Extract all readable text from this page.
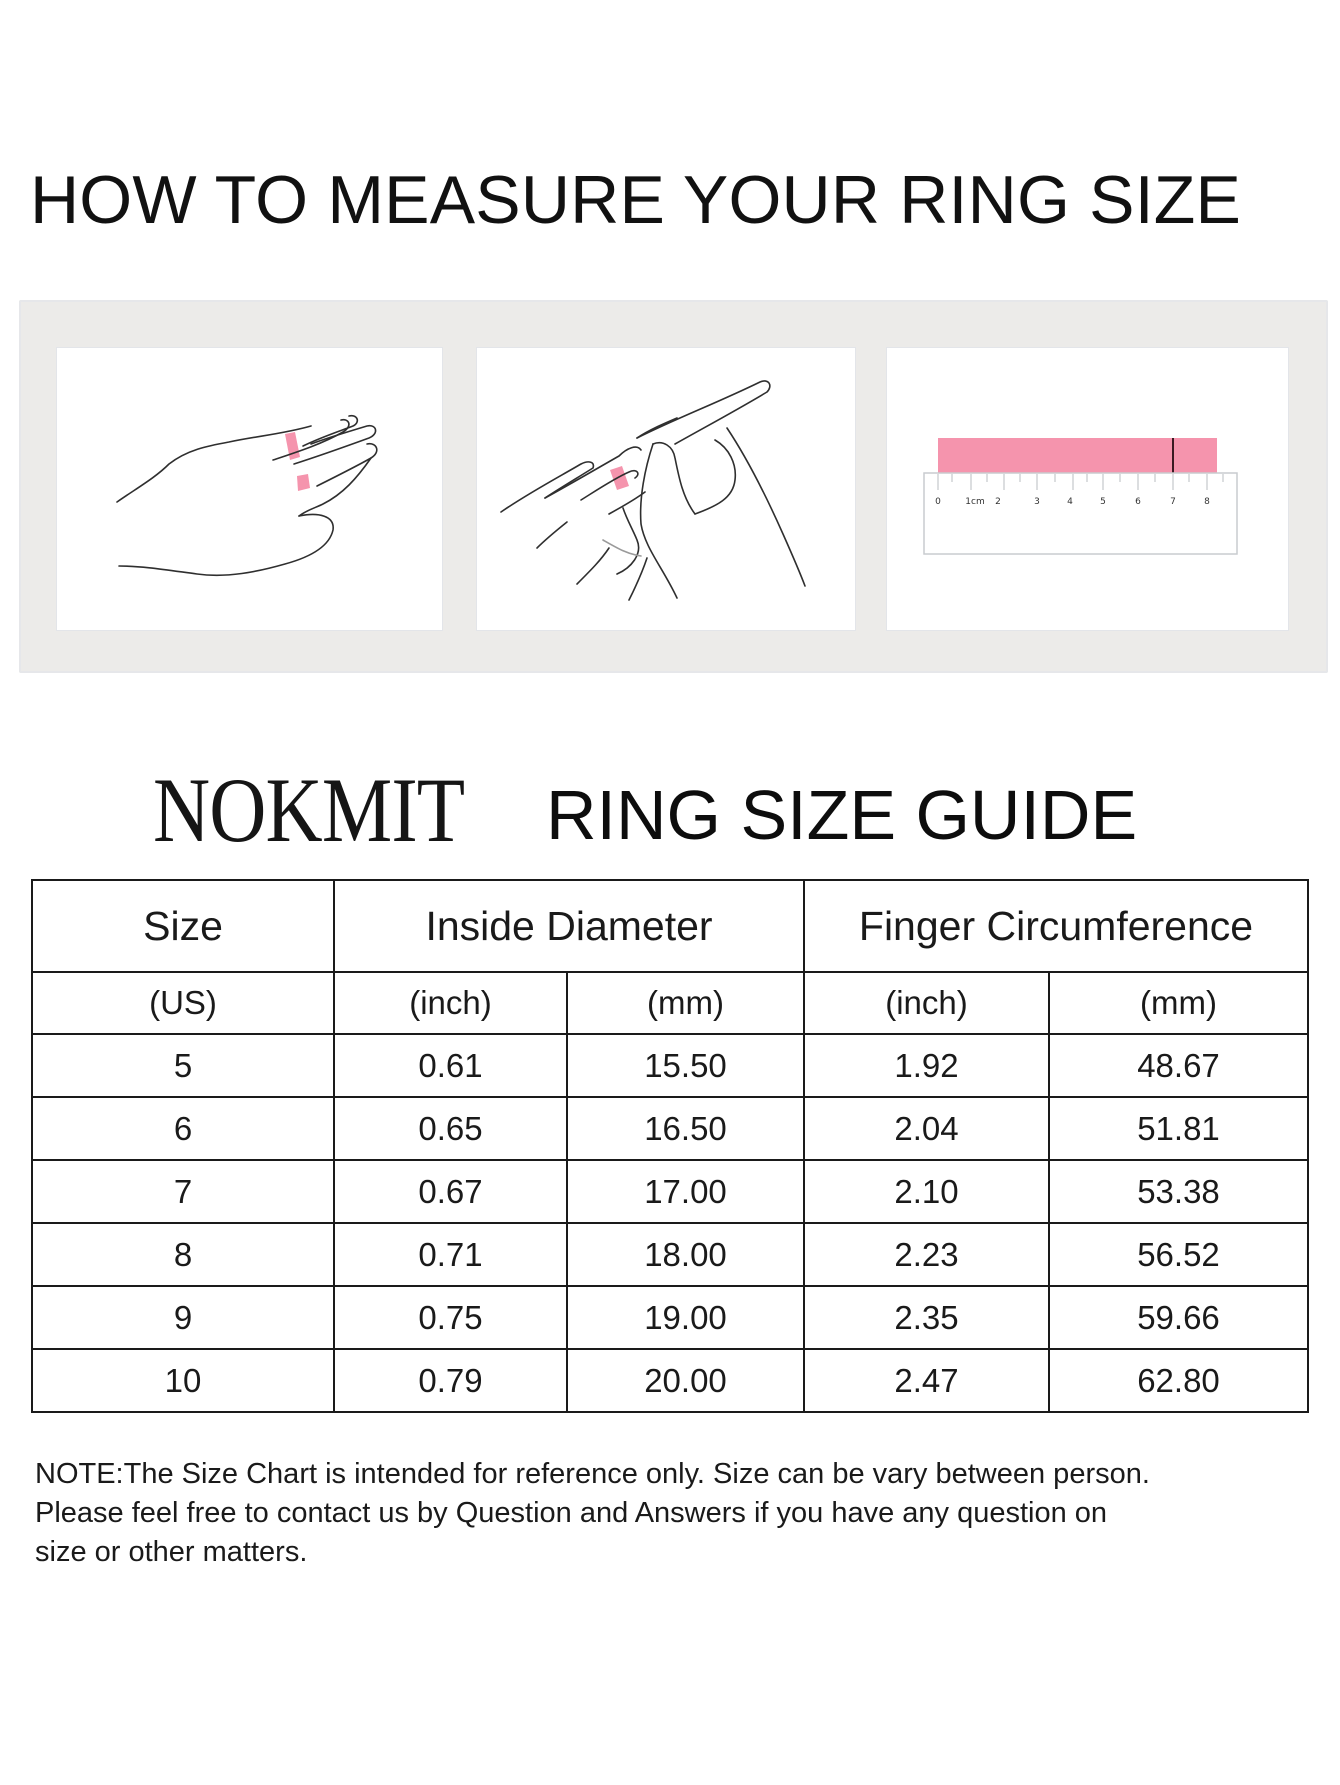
HOW TO MEASURE YOUR RING SIZE
0	1cm 2	3	4	5	6	7	8
NOKMIT RING SIZE GUIDE
Size	Inside Diameter		Finger Circumference	
(US)	(inch)	(mm)	(inch)	(mm)
5	0.61	15.50	1.92	48.67
6	0.65	16.50	2.04	51.81
7	0.67	17.00	2.10	53.38
8	0.71	18.00	2.23	56.52
9	0.75	19.00	2.35	59.66
10	0.79	20.00	2.47	62.80
NOTE:The Size Chart is intended for reference only. Size can be vary between person.
Please feel free to contact us by Question and Answers if you have any question on
size or other matters.
